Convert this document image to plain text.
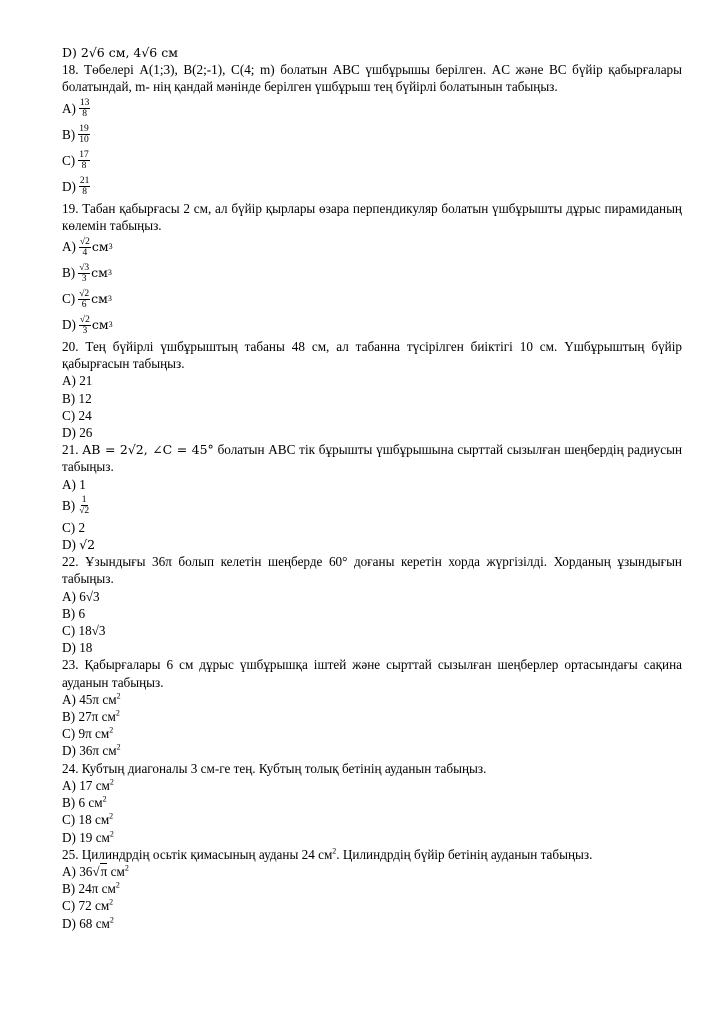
D) 2√6 см, 4√6 см

18. Төбелері A(1;3), B(2;-1), C(4; m) болатын ABC үшбұрышы берілген. AC және BC бүйір қабырғалары болатындай, m- нің қандай мәнінде берілген үшбұрыш тең бүйірлі болатынын табыңыз.

$A) \frac{13}{8}$
$B) \frac{19}{10}$
$C) \frac{17}{8}$
$D) \frac{21}{8}$

19. Табан қабырғасы 2 см, ал бүйір қырлары өзара перпендикуляр болатын үшбұрышты дұрыс пирамиданың көлемін табыңыз.

$A) \frac{√2}{4}$ см 3
$B) \frac{√3}{3}$ см 3
$C) \frac{√2}{6}$ см 3
$D) \frac{√2}{3}$ см 3

20. Тең бүйірлі үшбұрыштың табаны 48 см, ал табанна түсірілген биіктігі 10 см. Үшбұрыштың бүйір қабырғасын табыңыз.

A) 21

B) 12

C) 24

D) 26

21. AB = 2√2, ∠C = 45° болатын ABC тік бұрышты үшбұрышына сырттай сызылған шеңбердің радиусын табыңыз.

A) 1

$B) \frac{1}{√2}$

C) 2

D) √2

22. Ұзындығы 36π болып келетін шеңберде 60° доғаны керетін хорда жүргізілді. Хорданың ұзындығын табыңыз.

A) 6√3

B) 6

C) 18√3

D) 18

23. Қабырғалары 6 см дұрыс үшбұрышқа іштей және сырттай сызылған шеңберлер ортасындағы сақина ауданын табыңыз.

A) 45π $см^2$

B) 27π $см^2$

C) 9π $см^2$

D) 36π $см^2$

24. Кубтың диагоналы 3 см-ге тең. Кубтың толық бетінің ауданын табыңыз.

A) 17 $см^2$

B) 6 $см^2$

C) 18 $см^2$

D) 19 $см^2$

25. Цилиндрдің осьтік қимасының ауданы 24 $см^2$. Цилиндрдің бүйір бетінің ауданын табыңыз.

A) 36√π $см^2$

B) 24π $см^2$

C) 72 $см^2$

D) 68 $см^2$
